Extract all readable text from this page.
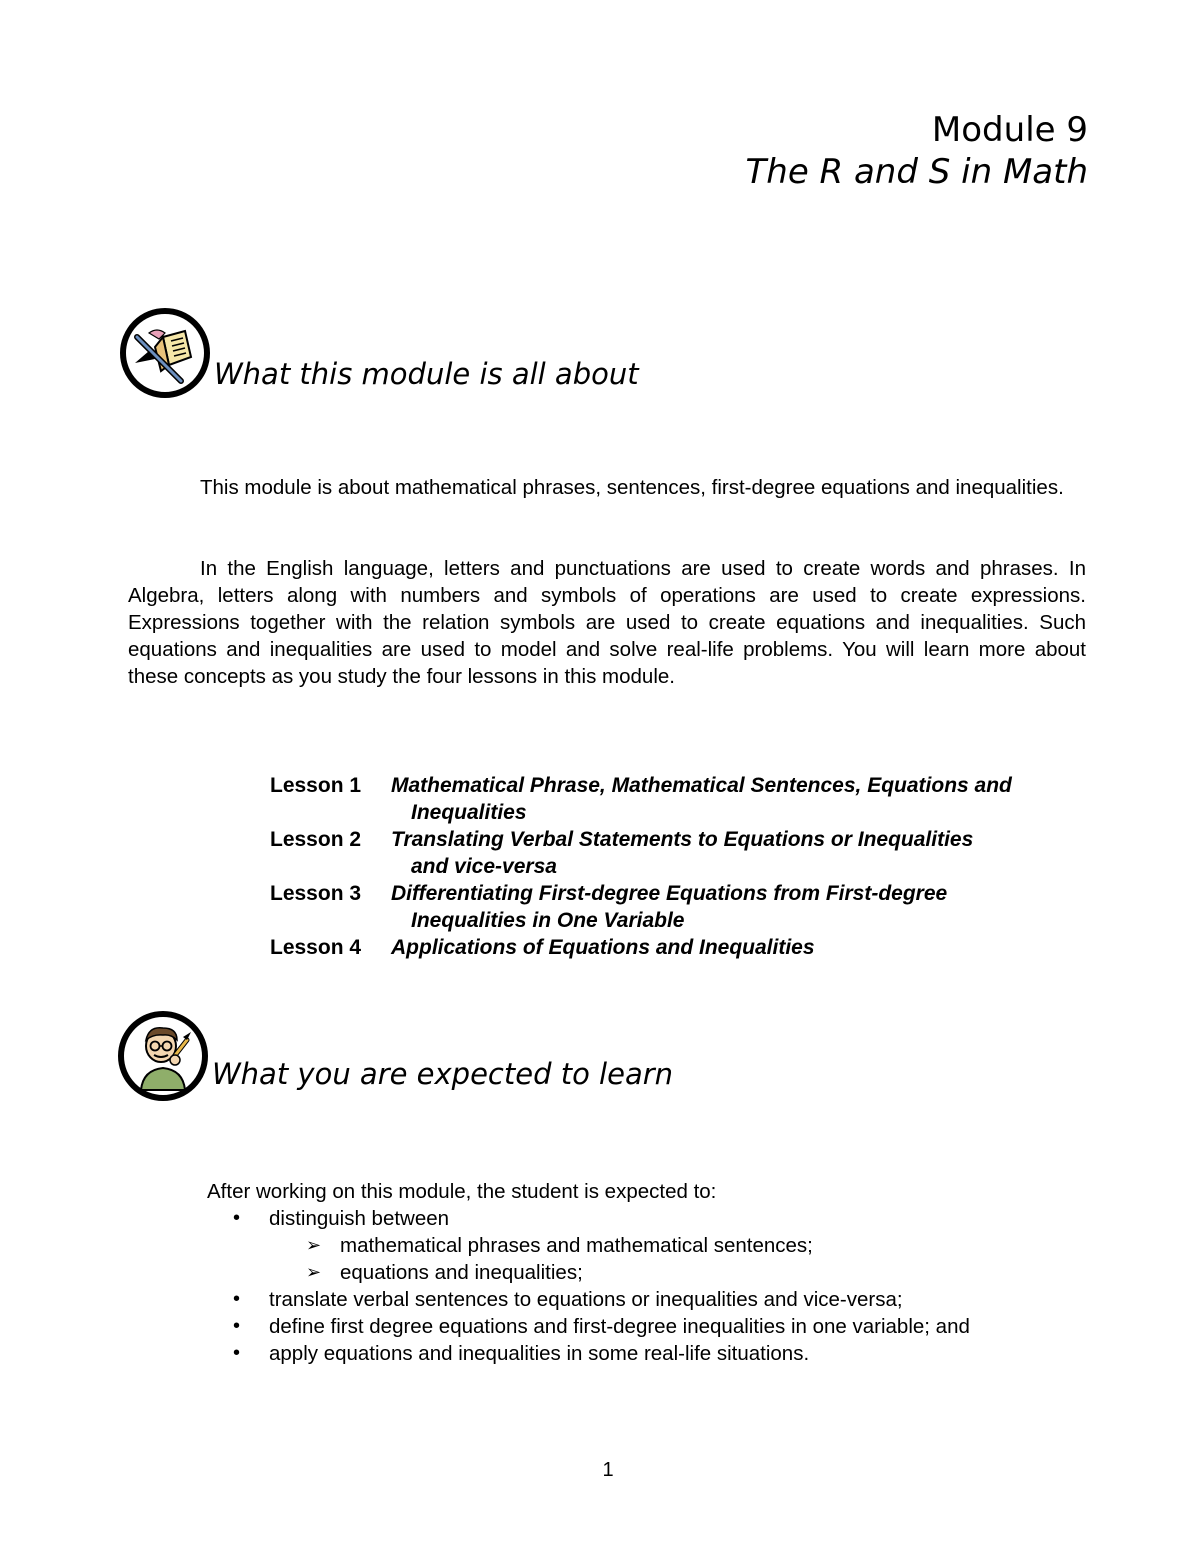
Module 9
The R and S in Math
What this module is all about

This module is about mathematical phrases, sentences, first-degree equations and inequalities.

In the English language, letters and punctuations are used to create words and phrases. In Algebra, letters along with numbers and symbols of operations are used to create expressions. Expressions together with the relation symbols are used to create equations and inequalities. Such equations and inequalities are used to model and solve real-life problems. You will learn more about these concepts as you study the four lessons in this module.

Lesson 1 Mathematical Phrase, Mathematical Sentences, Equations and
Inequalities
Lesson 2 Translating Verbal Statements to Equations or Inequalities
and vice-versa
Lesson 3 Differentiating First-degree Equations from First-degree
Inequalities in One Variable
Lesson 4 Applications of Equations and Inequalities
What you are expected to learn
After working on this module, the student is expected to:
• distinguish between
➢ mathematical phrases and mathematical sentences;
➢ equations and inequalities;
• translate verbal sentences to equations or inequalities and vice-versa;
• define first degree equations and first-degree inequalities in one variable; and
• apply equations and inequalities in some real-life situations.
1
